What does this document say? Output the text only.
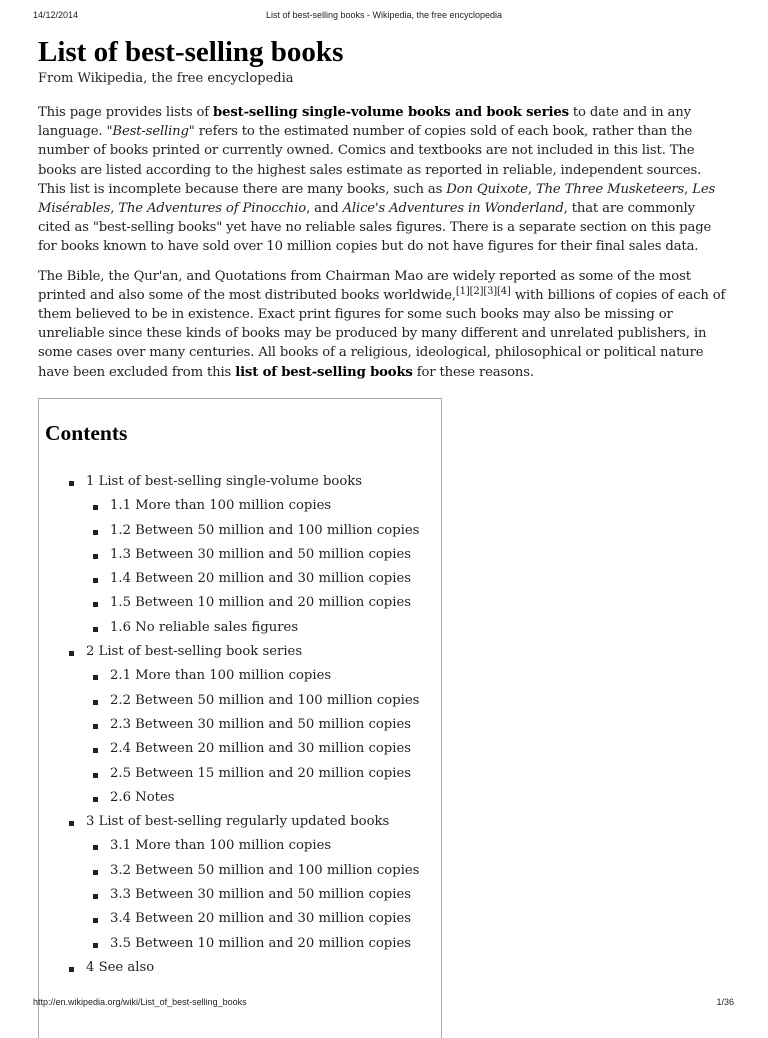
14/12/2014	List of best-selling books - Wikipedia, the free encyclopedia
List of best-selling books
From Wikipedia, the free encyclopedia

This page provides lists of best-selling single-volume books and book series to date and in any language. "Best-selling" refers to the estimated number of copies sold of each book, rather than the number of books printed or currently owned. Comics and textbooks are not included in this list. The books are listed according to the highest sales estimate as reported in reliable, independent sources. This list is incomplete because there are many books, such as Don Quixote, The Three Musketeers, Les Misérables, The Adventures of Pinocchio, and Alice's Adventures in Wonderland, that are commonly cited as "best-selling books" yet have no reliable sales figures. There is a separate section on this page for books known to have sold over 10 million copies but do not have figures for their final sales data.

The Bible, the Qur'an, and Quotations from Chairman Mao are widely reported as some of the most printed and also some of the most distributed books worldwide,[1][2][3][4] with billions of copies of each of them believed to be in existence. Exact print figures for some such books may also be missing or unreliable since these kinds of books may be produced by many different and unrelated publishers, in some cases over many centuries. All books of a religious, ideological, philosophical or political nature have been excluded from this list of best-selling books for these reasons.

Contents
1 List of best-selling single-volume books
1.1 More than 100 million copies
1.2 Between 50 million and 100 million copies
1.3 Between 30 million and 50 million copies
1.4 Between 20 million and 30 million copies
1.5 Between 10 million and 20 million copies
1.6 No reliable sales figures
2 List of best-selling book series
2.1 More than 100 million copies
2.2 Between 50 million and 100 million copies
2.3 Between 30 million and 50 million copies
2.4 Between 20 million and 30 million copies
2.5 Between 15 million and 20 million copies
2.6 Notes
3 List of best-selling regularly updated books
3.1 More than 100 million copies
3.2 Between 50 million and 100 million copies
3.3 Between 30 million and 50 million copies
3.4 Between 20 million and 30 million copies
3.5 Between 10 million and 20 million copies
4 See also
http://en.wikipedia.org/wiki/List_of_best-selling_books	1/36
